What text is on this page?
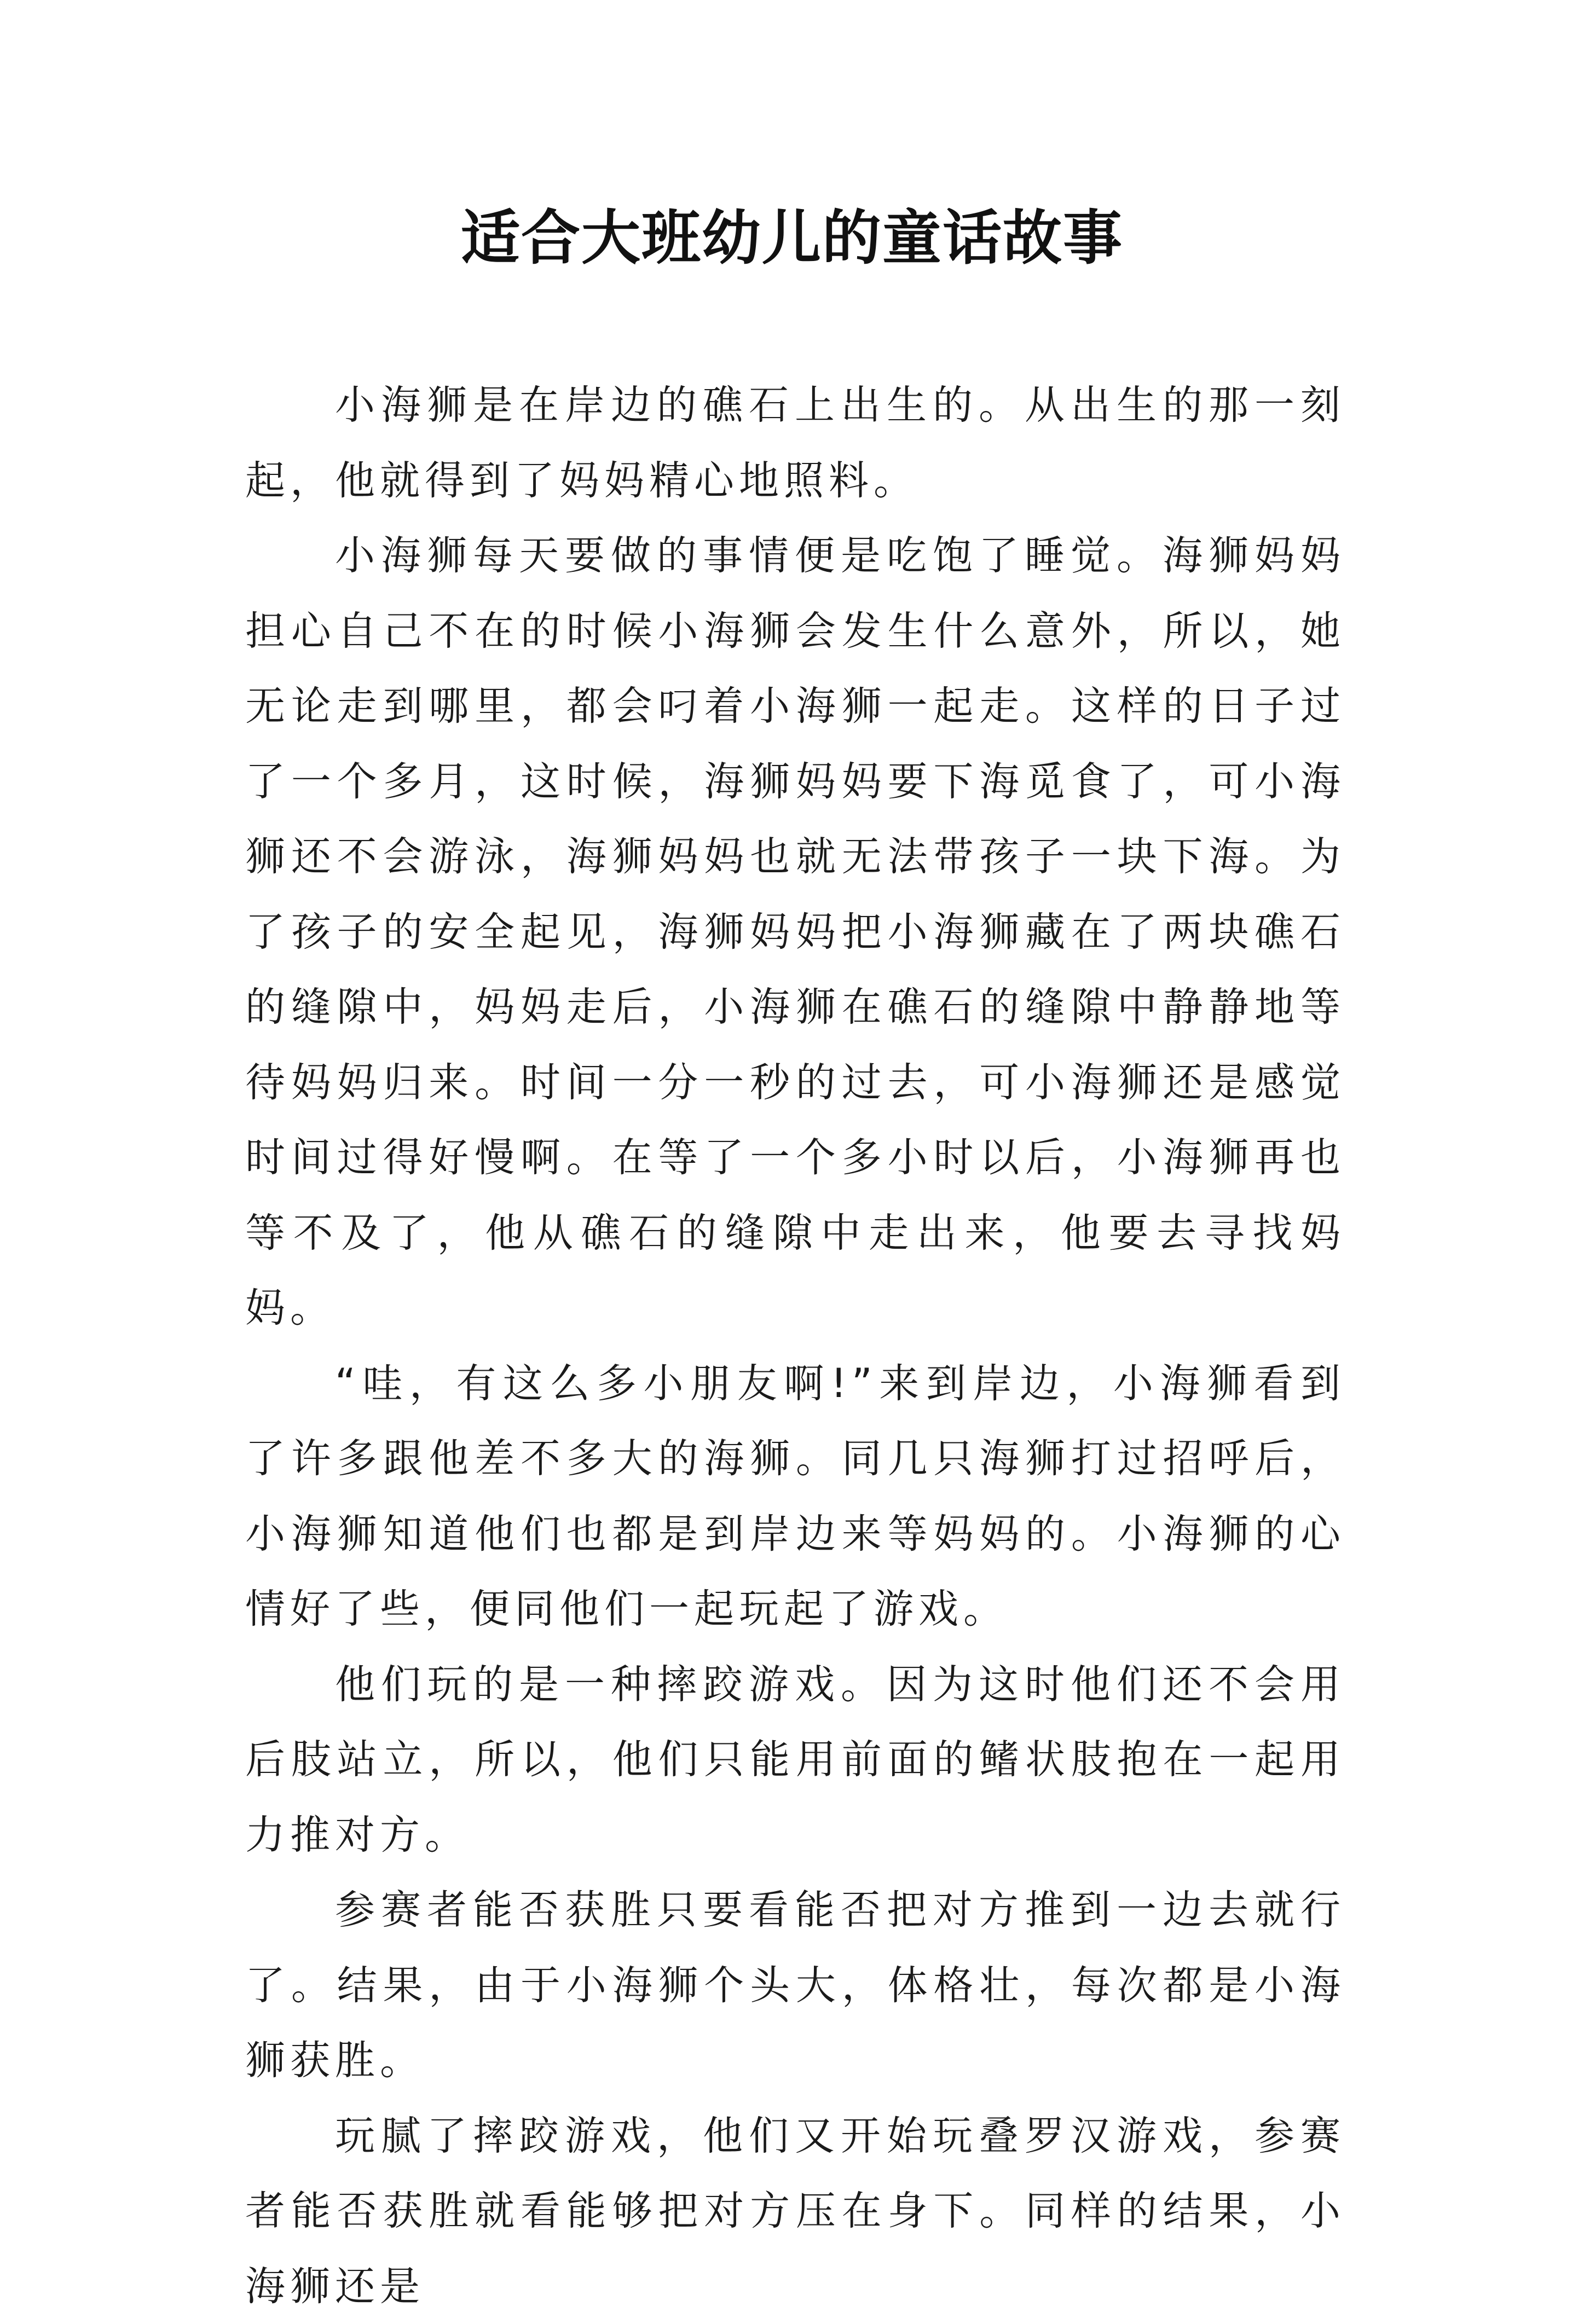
适合大班幼儿的童话故事

小海狮是在岸边的礁石上出生的。从出生的那一刻起，他就得到了妈妈精心地照料。

小海狮每天要做的事情便是吃饱了睡觉。海狮妈妈担心自己不在的时候小海狮会发生什么意外，所以，她无论走到哪里，都会叼着小海狮一起走。这样的日子过了一个多月，这时候，海狮妈妈要下海觅食了，可小海狮还不会游泳，海狮妈妈也就无法带孩子一块下海。为了孩子的安全起见，海狮妈妈把小海狮藏在了两块礁石的缝隙中，妈妈走后，小海狮在礁石的缝隙中静静地等待妈妈归来。时间一分一秒的过去，可小海狮还是感觉时间过得好慢啊。在等了一个多小时以后，小海狮再也等不及了，他从礁石的缝隙中走出来，他要去寻找妈妈。

“哇，有这么多小朋友啊!”来到岸边，小海狮看到了许多跟他差不多大的海狮。同几只海狮打过招呼后，小海狮知道他们也都是到岸边来等妈妈的。小海狮的心情好了些，便同他们一起玩起了游戏。

他们玩的是一种摔跤游戏。因为这时他们还不会用后肢站立，所以，他们只能用前面的鳍状肢抱在一起用力推对方。

参赛者能否获胜只要看能否把对方推到一边去就行了。结果，由于小海狮个头大，体格壮，每次都是小海狮获胜。

玩腻了摔跤游戏，他们又开始玩叠罗汉游戏，参赛者能否获胜就看能够把对方压在身下。同样的结果，小海狮还是
